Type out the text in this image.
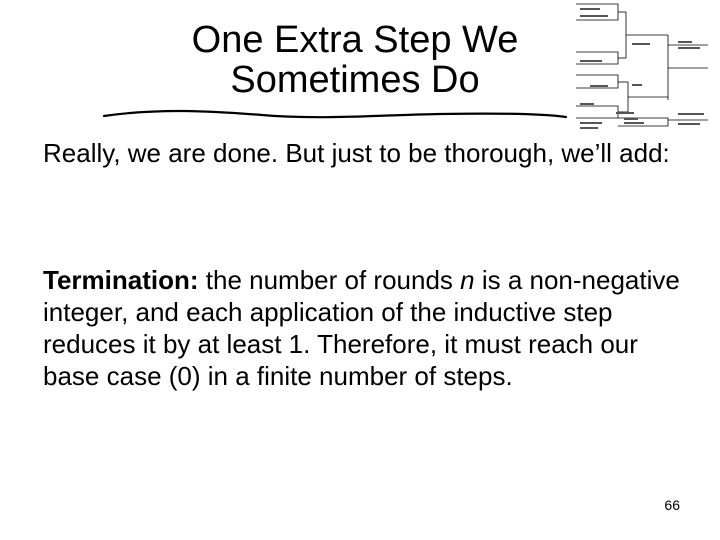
One Extra Step We
Sometimes Do
Really, we are done. But just to be thorough, we’ll add:
Termination: the number of rounds n is a non-negative integer, and each application of the inductive step reduces it by at least 1. Therefore, it must reach our base case (0) in a finite number of steps.
66
